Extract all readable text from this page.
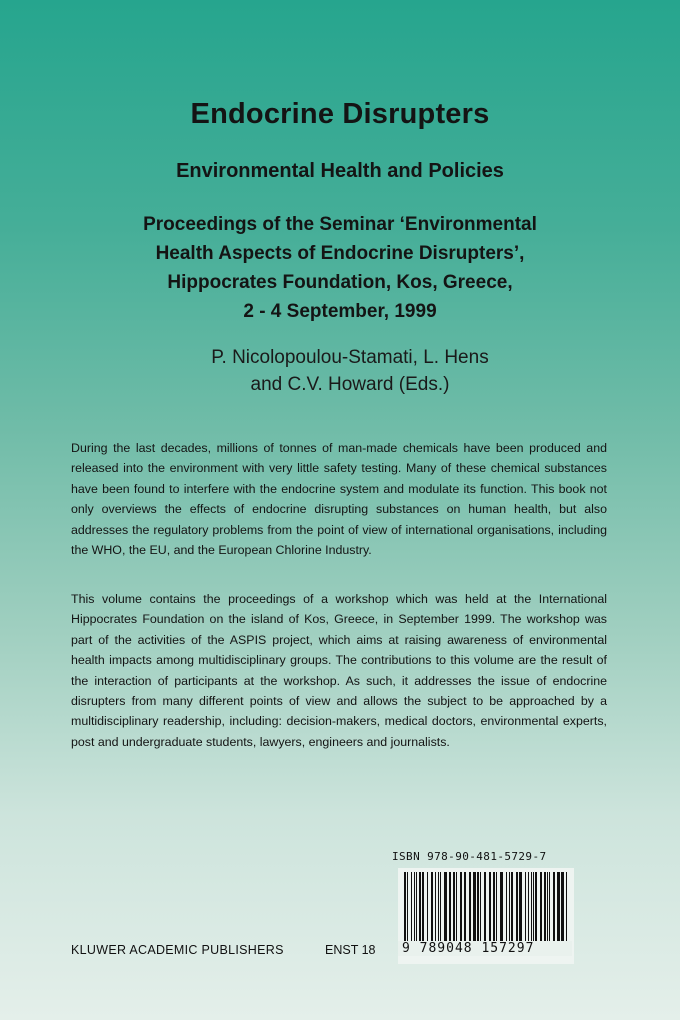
Endocrine Disrupters
Environmental Health and Policies
Proceedings of the Seminar ‘Environmental
Health Aspects of Endocrine Disrupters’,
Hippocrates Foundation, Kos, Greece,
2 - 4 September, 1999
P. Nicolopoulou-Stamati, L. Hens
and C.V. Howard (Eds.)

During the last decades, millions of tonnes of man-made chemicals have been produced and released into the environment with very little safety testing. Many of these chemical substances have been found to interfere with the endocrine system and modulate its function. This book not only overviews the effects of endocrine disrupting substances on human health, but also addresses the regulatory problems from the point of view of international organisations, including the WHO, the EU, and the European Chlorine Industry.

This volume contains the proceedings of a workshop which was held at the International Hippocrates Foundation on the island of Kos, Greece, in September 1999. The workshop was part of the activities of the ASPIS project, which aims at raising awareness of environmental health impacts among multidisciplinary groups. The contributions to this volume are the result of the interaction of participants at the workshop. As such, it addresses the issue of endocrine disrupters from many different points of view and allows the subject to be approached by a multidisciplinary readership, including: decision-makers, medical doctors, environmental experts, post and undergraduate students, lawyers, engineers and journalists.

ISBN 978-90-481-5729-7
9 789048 157297
KLUWER ACADEMIC PUBLISHERS	ENST 18
